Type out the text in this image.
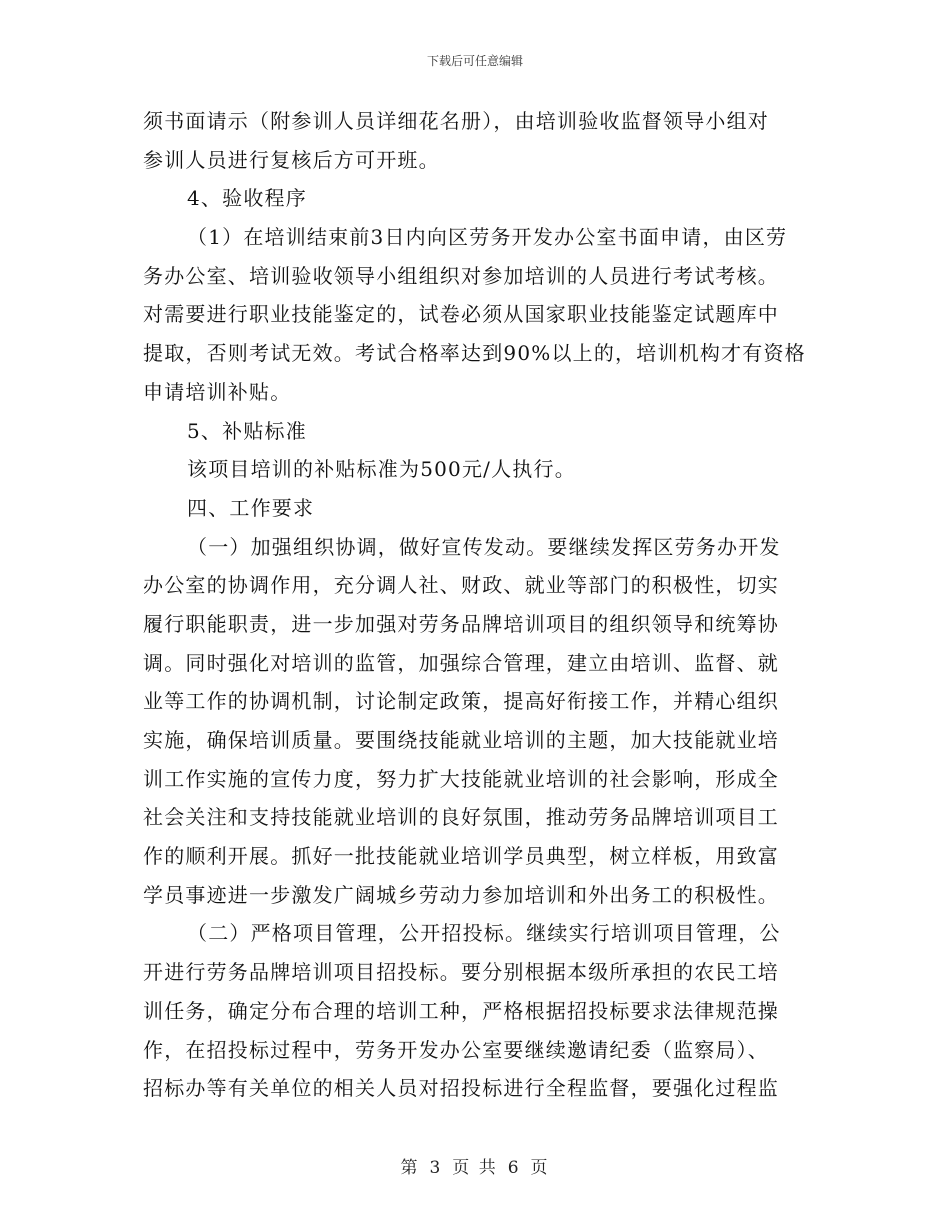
下载后可任意编辑
须书面请示（附参训人员详细花名册），由培训验收监督领导小组对
参训人员进行复核后方可开班。
4、验收程序
（1）在培训结束前3日内向区劳务开发办公室书面申请，由区劳
务办公室、培训验收领导小组组织对参加培训的人员进行考试考核。
对需要进行职业技能鉴定的，试卷必须从国家职业技能鉴定试题库中
提取，否则考试无效。考试合格率达到90%以上的，培训机构才有资格
申请培训补贴。
5、补贴标准
该项目培训的补贴标准为500元/人执行。
四、工作要求
（一）加强组织协调，做好宣传发动。要继续发挥区劳务办开发
办公室的协调作用，充分调人社、财政、就业等部门的积极性，切实
履行职能职责，进一步加强对劳务品牌培训项目的组织领导和统筹协
调。同时强化对培训的监管，加强综合管理，建立由培训、监督、就
业等工作的协调机制，讨论制定政策，提高好衔接工作，并精心组织
实施，确保培训质量。要围绕技能就业培训的主题，加大技能就业培
训工作实施的宣传力度，努力扩大技能就业培训的社会影响，形成全
社会关注和支持技能就业培训的良好氛围，推动劳务品牌培训项目工
作的顺利开展。抓好一批技能就业培训学员典型，树立样板，用致富
学员事迹进一步激发广阔城乡劳动力参加培训和外出务工的积极性。
（二）严格项目管理，公开招投标。继续实行培训项目管理，公
开进行劳务品牌培训项目招投标。要分别根据本级所承担的农民工培
训任务，确定分布合理的培训工种，严格根据招投标要求法律规范操
作，在招投标过程中，劳务开发办公室要继续邀请纪委（监察局）、
招标办等有关单位的相关人员对招投标进行全程监督，要强化过程监
第 3 页 共 6 页
